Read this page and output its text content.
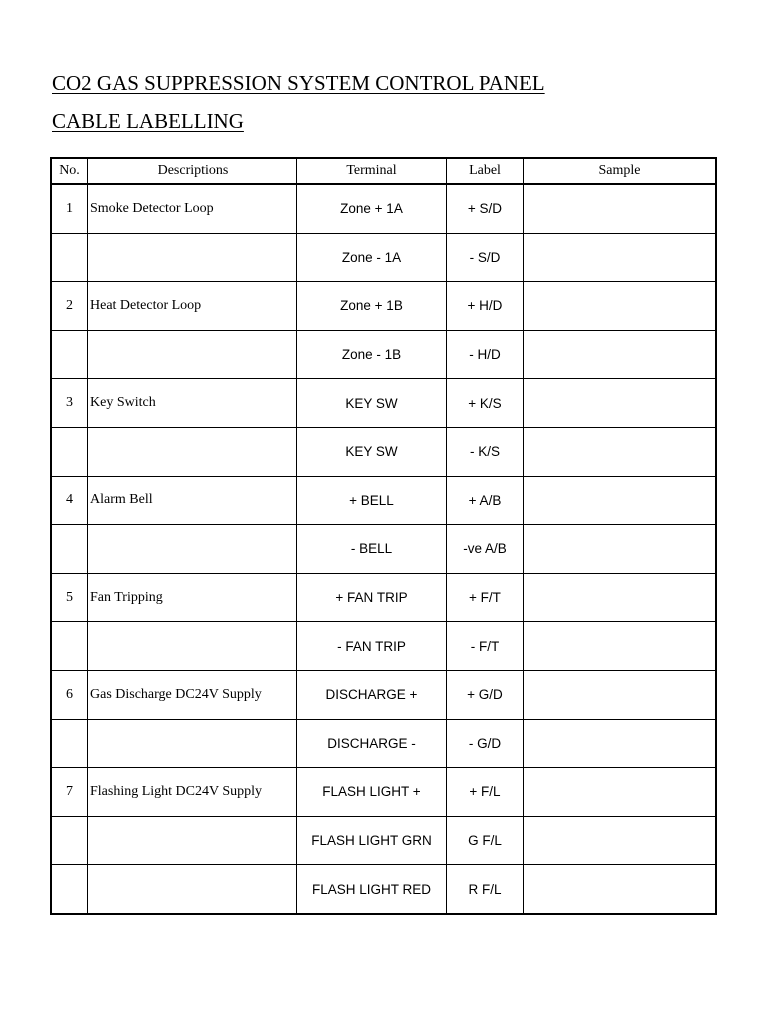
CO2 GAS SUPPRESSION SYSTEM CONTROL PANEL
CABLE LABELLING
No.	Descriptions	Terminal	Label	Sample
1	Smoke Detector Loop	Zone + 1A	+ S/D	
		Zone - 1A	- S/D	
2	Heat Detector Loop	Zone + 1B	+ H/D	
		Zone - 1B	- H/D	
3	Key Switch	KEY SW	+ K/S	
		KEY SW	- K/S	
4	Alarm Bell	+ BELL	+ A/B	
		- BELL	-ve A/B	
5	Fan Tripping	+ FAN TRIP	+ F/T	
		- FAN TRIP	- F/T	
6	Gas Discharge DC24V Supply	DISCHARGE +	+ G/D	
		DISCHARGE -	- G/D	
7	Flashing Light DC24V Supply	FLASH LIGHT +	+ F/L	
		FLASH LIGHT GRN	G F/L	
		FLASH LIGHT RED	R F/L	
